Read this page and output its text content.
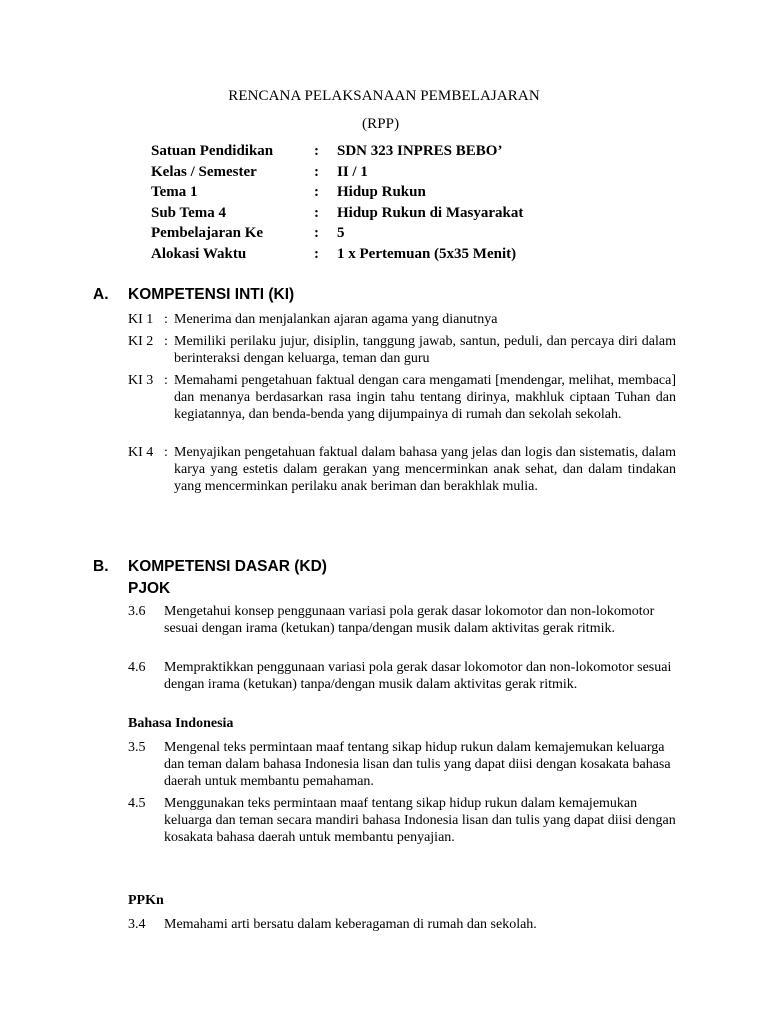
RENCANA PELAKSANAAN PEMBELAJARAN
(RPP)
Satuan Pendidikan	: SDN 323 INPRES BEBO’
Kelas / Semester	: II / 1
Tema 1	: Hidup Rukun
Sub Tema 4	: Hidup Rukun di Masyarakat
Pembelajaran Ke	: 5
Alokasi Waktu	: 1 x Pertemuan (5x35 Menit)
A. KOMPETENSI INTI (KI)
KI 1 : Menerima dan menjalankan ajaran agama yang dianutnya
KI 2 : Memiliki perilaku jujur, disiplin, tanggung jawab, santun, peduli, dan percaya diri dalam berinteraksi dengan keluarga, teman dan guru
KI 3 : Memahami pengetahuan faktual dengan cara mengamati [mendengar, melihat, membaca] dan menanya berdasarkan rasa ingin tahu tentang dirinya, makhluk ciptaan Tuhan dan kegiatannya, dan benda-benda yang dijumpainya di rumah dan sekolah sekolah.
KI 4 : Menyajikan pengetahuan faktual dalam bahasa yang jelas dan logis dan sistematis, dalam karya yang estetis dalam gerakan yang mencerminkan anak sehat, dan dalam tindakan yang mencerminkan perilaku anak beriman dan berakhlak mulia.
B. KOMPETENSI DASAR (KD)
PJOK
3.6 Mengetahui konsep penggunaan variasi pola gerak dasar lokomotor dan non-lokomotor sesuai dengan irama (ketukan) tanpa/dengan musik dalam aktivitas gerak ritmik.
4.6 Mempraktikkan penggunaan variasi pola gerak dasar lokomotor dan non-lokomotor sesuai dengan irama (ketukan) tanpa/dengan musik dalam aktivitas gerak ritmik.
Bahasa Indonesia
3.5 Mengenal teks permintaan maaf tentang sikap hidup rukun dalam kemajemukan keluarga dan teman dalam bahasa Indonesia lisan dan tulis yang dapat diisi dengan kosakata bahasa daerah untuk membantu pemahaman.
4.5 Menggunakan teks permintaan maaf tentang sikap hidup rukun dalam kemajemukan keluarga dan teman secara mandiri bahasa Indonesia lisan dan tulis yang dapat diisi dengan kosakata bahasa daerah untuk membantu penyajian.
PPKn
3.4 Memahami arti bersatu dalam keberagaman di rumah dan sekolah.
